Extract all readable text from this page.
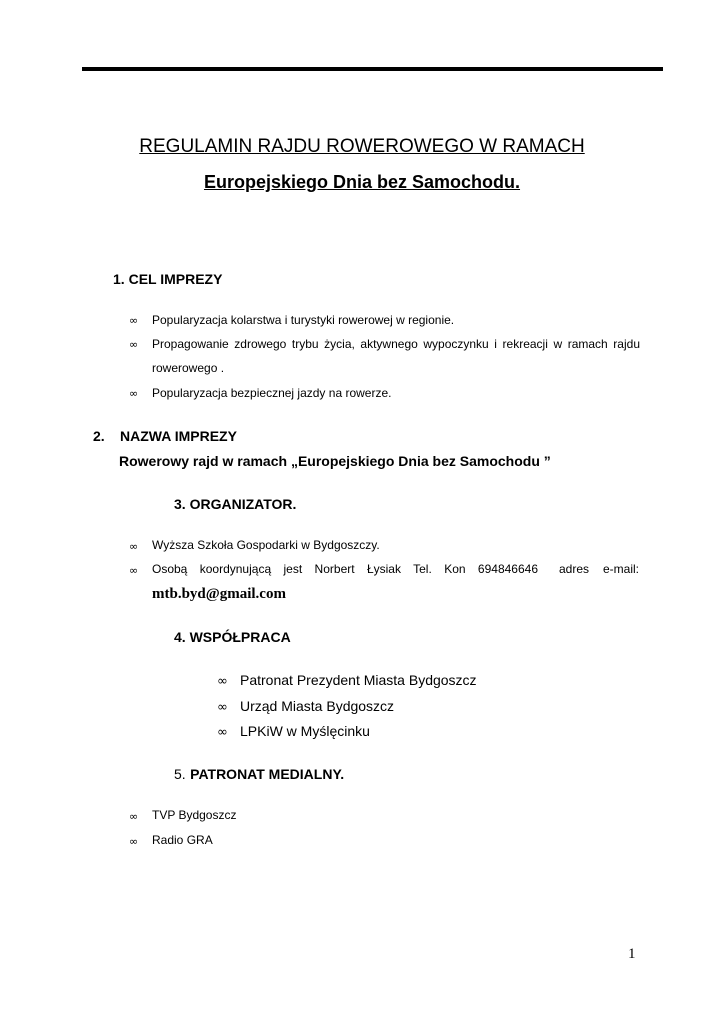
REGULAMIN RAJDU ROWEROWEGO W RAMACH
Europejskiego Dnia bez Samochodu.
1. CEL IMPREZY
∞ Popularyzacja kolarstwa i turystyki rowerowej w regionie.
∞ Propagowanie zdrowego trybu życia, aktywnego wypoczynku i rekreacji w ramach rajdu
rowerowego .
∞ Popularyzacja bezpiecznej jazdy na rowerze.
2. NAZWA IMPREZY
Rowerowy rajd w ramach „Europejskiego Dnia bez Samochodu ”
3. ORGANIZATOR.
∞ Wyższa Szkoła Gospodarki w Bydgoszczy.
∞ Osobą koordynującą jest Norbert Łysiak Tel. Kon 694846646 adres e-mail:
mtb.byd@gmail.com
4. WSPÓŁPRACA
∞ Patronat Prezydent Miasta Bydgoszcz
∞ Urząd Miasta Bydgoszcz
∞ LPKiW w Myślęcinku
5. PATRONAT MEDIALNY.
∞ TVP Bydgoszcz
∞ Radio GRA
1
